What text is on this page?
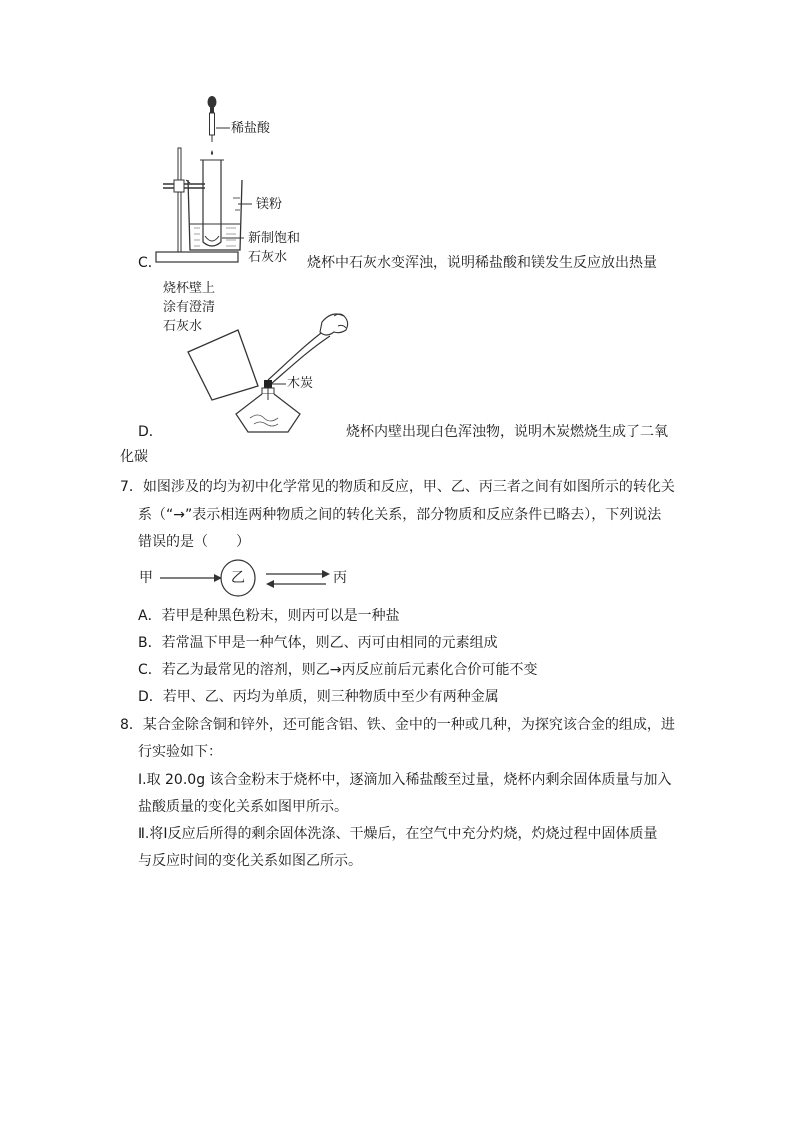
稀盐酸
镁粉
新制饱和
石灰水
C．	烧杯中石灰水变浑浊，说明稀盐酸和镁发生反应放出热量
烧杯壁上
涂有澄清
石灰水
木炭
D．	烧杯内壁出现白色浑浊物，说明木炭燃烧生成了二氧
化碳
7．如图涉及的均为初中化学常见的物质和反应，甲、乙、丙三者之间有如图所示的转化关
系（“→”表示相连两种物质之间的转化关系，部分物质和反应条件已略去），下列说法
错误的是（　　）
甲	乙	丙
A．若甲是种黑色粉末，则丙可以是一种盐
B．若常温下甲是一种气体，则乙、丙可由相同的元素组成
C．若乙为最常见的溶剂，则乙→丙反应前后元素化合价可能不变
D．若甲、乙、丙均为单质，则三种物质中至少有两种金属
8．某合金除含铜和锌外，还可能含铝、铁、金中的一种或几种，为探究该合金的组成，进
行实验如下：
Ⅰ.取 20.0g 该合金粉末于烧杯中，逐滴加入稀盐酸至过量，烧杯内剩余固体质量与加入
盐酸质量的变化关系如图甲所示。
Ⅱ.将Ⅰ反应后所得的剩余固体洗涤、干燥后，在空气中充分灼烧，灼烧过程中固体质量
与反应时间的变化关系如图乙所示。
